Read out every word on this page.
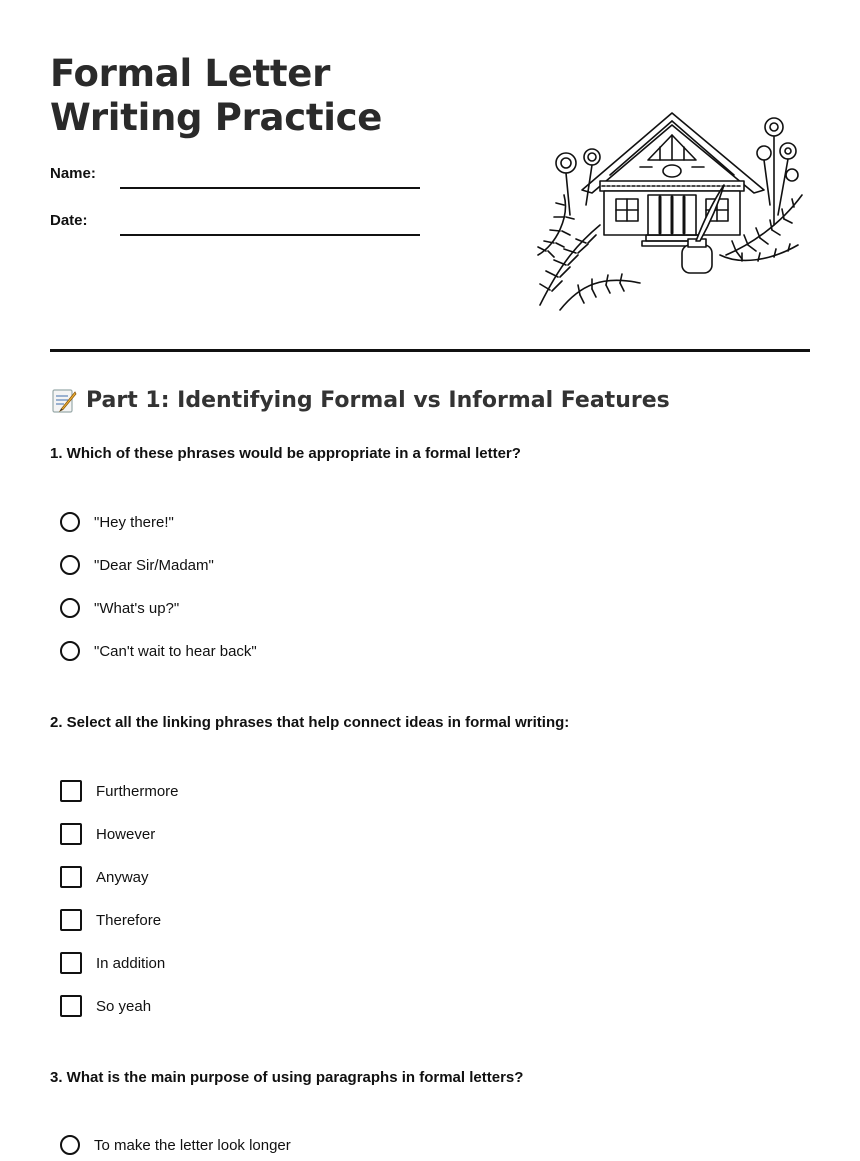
Formal Letter Writing Practice
Name:
Date:
Part 1: Identifying Formal vs Informal Features

1. Which of these phrases would be appropriate in a formal letter?

"Hey there!"
"Dear Sir/Madam"
"What's up?"
"Can't wait to hear back"

2. Select all the linking phrases that help connect ideas in formal writing:

Furthermore
However
Anyway
Therefore
In addition
So yeah

3. What is the main purpose of using paragraphs in formal letters?

To make the letter look longer
